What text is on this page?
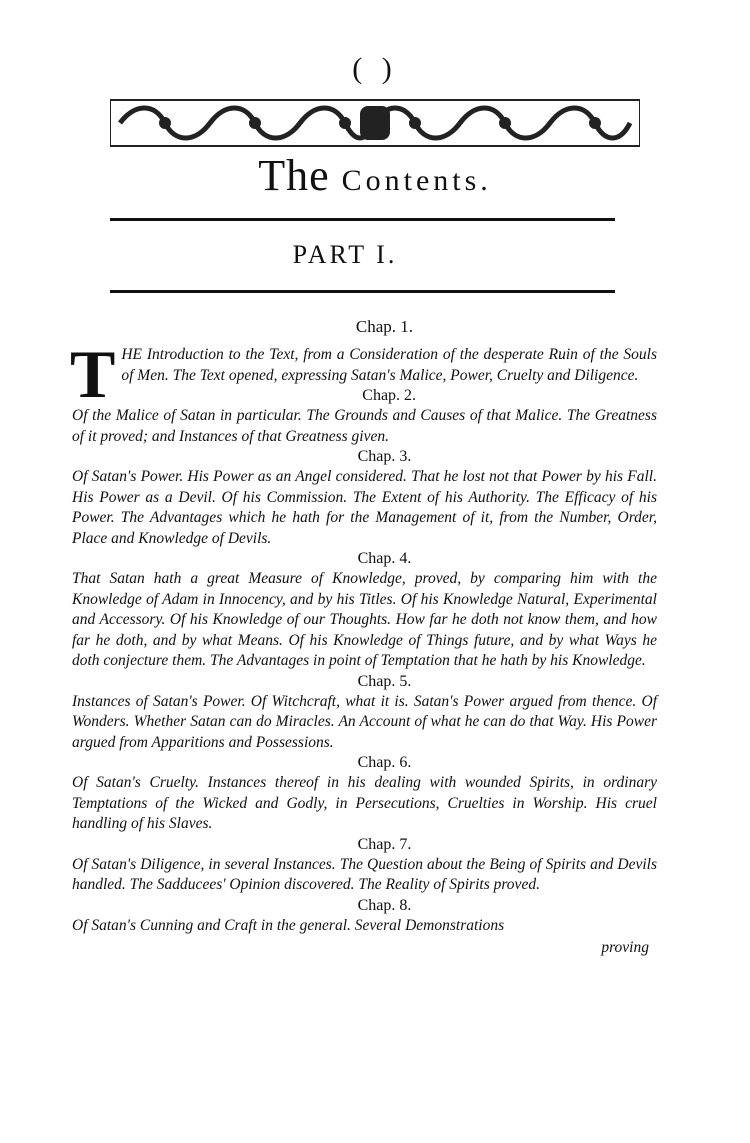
( )
The Contents.
PART I.
Chap. 1.

THE Introduction to the Text, from a Consideration of the desperate Ruin of the Souls of Men. The Text opened, expressing Satan's Malice, Power, Cruelty and Diligence.

Chap. 2.

Of the Malice of Satan in particular. The Grounds and Causes of that Malice. The Greatness of it proved; and Instances of that Greatness given.

Chap. 3.

Of Satan's Power. His Power as an Angel considered. That he lost not that Power by his Fall. His Power as a Devil. Of his Commission. The Extent of his Authority. The Efficacy of his Power. The Advantages which he hath for the Management of it, from the Number, Order, Place and Knowledge of Devils.

Chap. 4.

That Satan hath a great Measure of Knowledge, proved, by comparing him with the Knowledge of Adam in Innocency, and by his Titles. Of his Knowledge Natural, Experimental and Accessory. Of his Knowledge of our Thoughts. How far he doth not know them, and how far he doth, and by what Means. Of his Knowledge of Things future, and by what Ways he doth conjecture them. The Advantages in point of Temptation that he hath by his Knowledge.

Chap. 5.

Instances of Satan's Power. Of Witchcraft, what it is. Satan's Power argued from thence. Of Wonders. Whether Satan can do Miracles. An Account of what he can do that Way. His Power argued from Apparitions and Possessions.

Chap. 6.

Of Satan's Cruelty. Instances thereof in his dealing with wounded Spirits, in ordinary Temptations of the Wicked and Godly, in Persecutions, Cruelties in Worship. His cruel handling of his Slaves.

Chap. 7.

Of Satan's Diligence, in several Instances. The Question about the Being of Spirits and Devils handled. The Sadducees' Opinion discovered. The Reality of Spirits proved.

Chap. 8.

Of Satan's Cunning and Craft in the general. Several Demonstrations

proving
